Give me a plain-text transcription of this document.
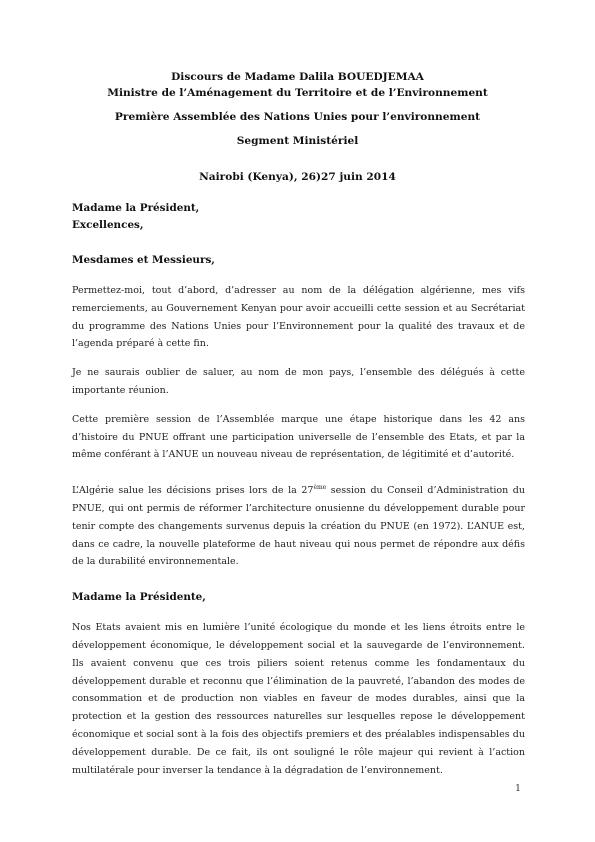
Discours de Madame Dalila BOUEDJEMAA
Ministre de l’Aménagement du Territoire et de l’Environnement
Première Assemblée des Nations Unies pour l’environnement
Segment Ministériel
Nairobi (Kenya), 26)27 juin 2014

Madame la Président,

Excellences,

Mesdames et Messieurs,

Permettez-moi, tout d’abord, d’adresser au nom de la délégation algérienne, mes vifs remerciements, au Gouvernement Kenyan pour avoir accueilli cette session et au Secrétariat du programme des Nations Unies pour l’Environnement pour la qualité des travaux et de l’agenda préparé à cette fin.

Je ne saurais oublier de saluer, au nom de mon pays, l’ensemble des délégués à cette importante réunion.

Cette première session de l’Assemblée marque une étape historique dans les 42 ans d’histoire du PNUE offrant une participation universelle de l’ensemble des Etats, et par la même conférant à l’ANUE un nouveau niveau de représentation, de légitimité et d’autorité.

L’Algérie salue les décisions prises lors de la 27ème session du Conseil d’Administration du PNUE, qui ont permis de réformer l’architecture onusienne du développement durable pour tenir compte des changements survenus depuis la création du PNUE (en 1972). L’ANUE est, dans ce cadre, la nouvelle plateforme de haut niveau qui nous permet de répondre aux défis de la durabilité environnementale.

Madame la Présidente,

Nos Etats avaient mis en lumière l’unité écologique du monde et les liens étroits entre le développement économique, le développement social et la sauvegarde de l’environnement. Ils avaient convenu que ces trois piliers soient retenus comme les fondamentaux du développement durable et reconnu que l’élimination de la pauvreté, l’abandon des modes de consommation et de production non viables en faveur de modes durables, ainsi que la protection et la gestion des ressources naturelles sur lesquelles repose le développement économique et social sont à la fois des objectifs premiers et des préalables indispensables du développement durable. De ce fait, ils ont souligné le rôle majeur qui revient à l’action multilatérale pour inverser la tendance à la dégradation de l’environnement.

1
